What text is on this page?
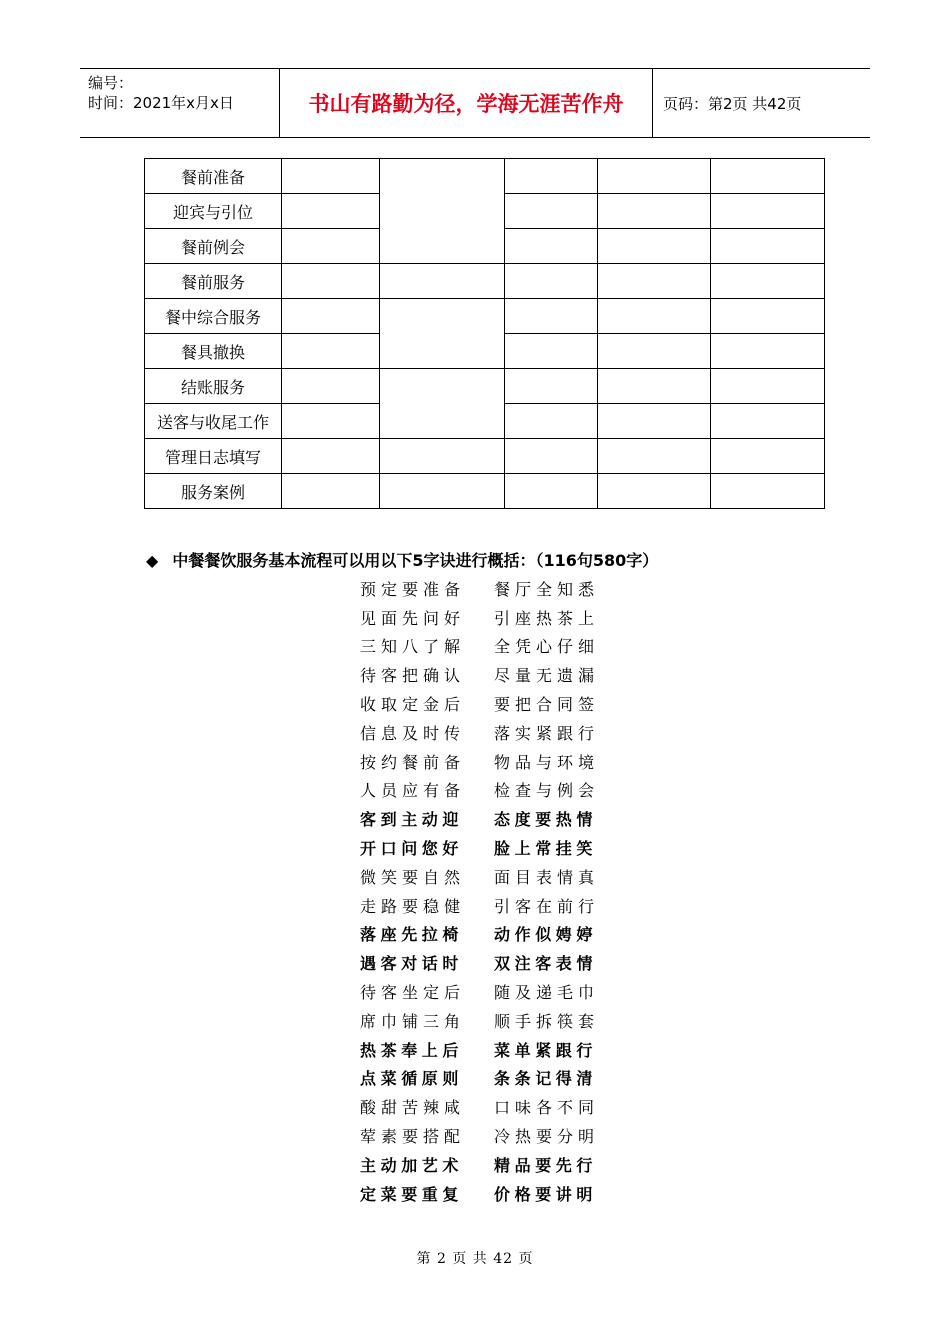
编号：
时间：2021年x月x日	书山有路勤为径，学海无涯苦作舟	页码：第2页 共42页
餐前准备					
迎宾与引位					
餐前例会					
餐前服务					
餐中综合服务					
餐具撤换					
结账服务					
送客与收尾工作					
管理日志填写					
服务案例					
◆ 中餐餐饮服务基本流程可以用以下5字诀进行概括：（116句580字）
预定要准备	餐厅全知悉
见面先问好	引座热茶上
三知八了解	全凭心仔细
待客把确认	尽量无遗漏
收取定金后	要把合同签
信息及时传	落实紧跟行
按约餐前备	物品与环境
人员应有备	检查与例会
客到主动迎	态度要热情
开口问您好	脸上常挂笑
微笑要自然	面目表情真
走路要稳健	引客在前行
落座先拉椅	动作似娉婷
遇客对话时	双注客表情
待客坐定后	随及递毛巾
席巾铺三角	顺手拆筷套
热茶奉上后	菜单紧跟行
点菜循原则	条条记得清
酸甜苦辣咸	口味各不同
荤素要搭配	冷热要分明
主动加艺术	精品要先行
定菜要重复	价格要讲明
第 2 页 共 42 页
